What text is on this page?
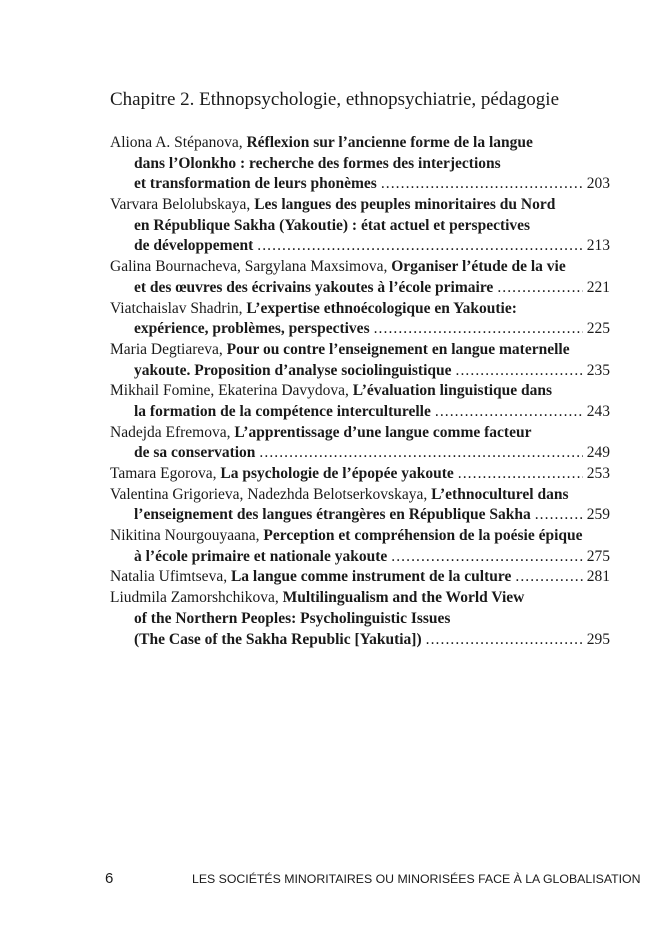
Chapitre 2. Ethnopsychologie, ethnopsychiatrie, pédagogie
Aliona A. Stépanova, Réflexion sur l’ancienne forme de la langue
dans l’Olonkho : recherche des formes des interjections
et transformation de leurs phonèmes . . .	203
Varvara Belolubskaya, Les langues des peuples minoritaires du Nord
en République Sakha (Yakoutie) : état actuel et perspectives
de développement . . .	213
Galina Bournacheva, Sargylana Maxsimova, Organiser l’étude de la vie
et des œuvres des écrivains yakoutes à l’école primaire . . .	221
Viatchaislav Shadrin, L’expertise ethnoécologique en Yakoutie:
expérience, problèmes, perspectives . . .	225
Maria Degtiareva, Pour ou contre l’enseignement en langue maternelle
yakoute. Proposition d’analyse sociolinguistique . . .	235
Mikhail Fomine, Ekaterina Davydova, L’évaluation linguistique dans
la formation de la compétence interculturelle . . .	243
Nadejda Efremova, L’apprentissage d’une langue comme facteur
de sa conservation . . .	249
Tamara Egorova, La psychologie de l’épopée yakoute . . .	253
Valentina Grigorieva, Nadezhda Belotserkovskaya, L’ethnoculturel dans
l’enseignement des langues étrangères en République Sakha . . .	259
Nikitina Nourgouyaana, Perception et compréhension de la poésie épique
à l’école primaire et nationale yakoute . . .	275
Natalia Ufimtseva, La langue comme instrument de la culture . . .	281
Liudmila Zamorshchikova, Multilingualism and the World View
of the Northern Peoples: Psycholinguistic Issues
(The Case of the Sakha Republic [Yakutia]) . . .	295
6	LES SOCIÉTÉS MINORITAIRES OU MINORISÉES FACE À LA GLOBALISATION
